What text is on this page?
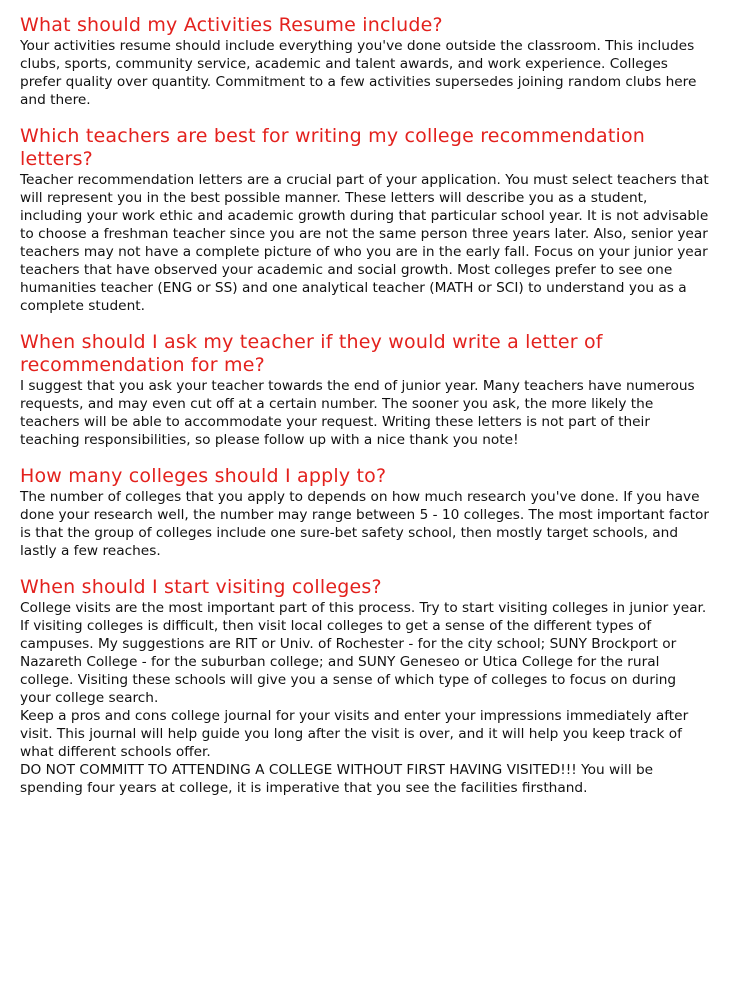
What should my Activities Resume include?

Your activities resume should include everything you've done outside the classroom. This includes clubs, sports, community service, academic and talent awards, and work experience. Colleges prefer quality over quantity. Commitment to a few activities supersedes joining random clubs here and there.

Which teachers are best for writing my college recommendation letters?

Teacher recommendation letters are a crucial part of your application. You must select teachers that will represent you in the best possible manner. These letters will describe you as a student, including your work ethic and academic growth during that particular school year. It is not advisable to choose a freshman teacher since you are not the same person three years later. Also, senior year teachers may not have a complete picture of who you are in the early fall. Focus on your junior year teachers that have observed your academic and social growth. Most colleges prefer to see one humanities teacher (ENG or SS) and one analytical teacher (MATH or SCI) to understand you as a complete student.

When should I ask my teacher if they would write a letter of recommendation for me?

I suggest that you ask your teacher towards the end of junior year. Many teachers have numerous requests, and may even cut off at a certain number. The sooner you ask, the more likely the teachers will be able to accommodate your request. Writing these letters is not part of their teaching responsibilities, so please follow up with a nice thank you note!

How many colleges should I apply to?

The number of colleges that you apply to depends on how much research you've done. If you have done your research well, the number may range between 5 - 10 colleges. The most important factor is that the group of colleges include one sure-bet safety school, then mostly target schools, and lastly a few reaches.

When should I start visiting colleges?

College visits are the most important part of this process. Try to start visiting colleges in junior year. If visiting colleges is difficult, then visit local colleges to get a sense of the different types of campuses. My suggestions are RIT or Univ. of Rochester - for the city school; SUNY Brockport or Nazareth College - for the suburban college; and SUNY Geneseo or Utica College for the rural college. Visiting these schools will give you a sense of which type of colleges to focus on during your college search.

Keep a pros and cons college journal for your visits and enter your impressions immediately after visit. This journal will help guide you long after the visit is over, and it will help you keep track of what different schools offer.

DO NOT COMMITT TO ATTENDING A COLLEGE WITHOUT FIRST HAVING VISITED!!! You will be spending four years at college, it is imperative that you see the facilities firsthand.
